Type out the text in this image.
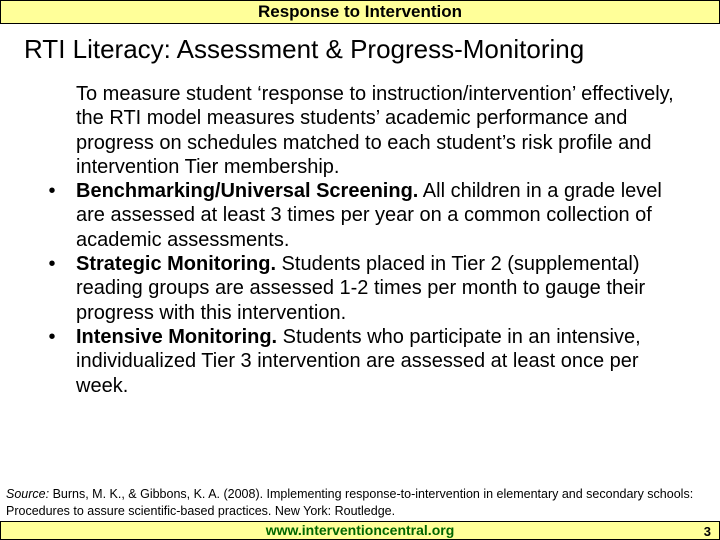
Response to Intervention
RTI Literacy: Assessment & Progress-Monitoring
To measure student ‘response to instruction/intervention’ effectively, the RTI model measures students’ academic performance and progress on schedules matched to each student’s risk profile and intervention Tier membership.
•	Benchmarking/Universal Screening. All children in a grade level are assessed at least 3 times per year on a common collection of academic assessments.
•	Strategic Monitoring. Students placed in Tier 2 (supplemental) reading groups are assessed 1-2 times per month to gauge their progress with this intervention.
•	Intensive Monitoring. Students who participate in an intensive, individualized Tier 3 intervention are assessed at least once per week.
Source: Burns, M. K., & Gibbons, K. A. (2008). Implementing response-to-intervention in elementary and secondary schools: Procedures to assure scientific-based practices. New York: Routledge.
www.interventioncentral.org	3
